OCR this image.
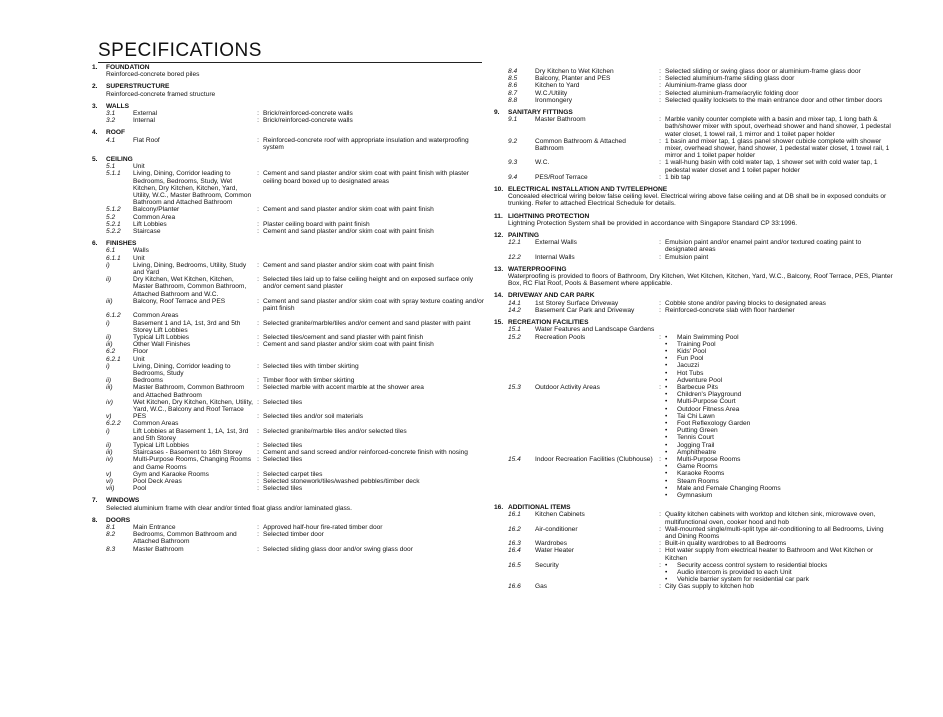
SPECIFICATIONS
1.	FOUNDATION
Reinforced-concrete bored piles
2.	SUPERSTRUCTURE
Reinforced-concrete framed structure
3.	WALLS
3.1	External	: Brick/reinforced-concrete walls
3.2	Internal	: Brick/reinforced-concrete walls
4.	ROOF
4.1	Flat Roof	: Reinforced-concrete roof with appropriate insulation and waterproofing system
5.	CEILING
5.1	Unit
5.1.1	Living, Dining, Corridor leading to Bedrooms, Bedrooms, Study, Wet Kitchen, Dry Kitchen, Kitchen, Yard, Utility, W.C., Master Bathroom, Common Bathroom and Attached Bathroom
: Cement and sand plaster and/or skim coat with paint finish with plaster ceiling board boxed up to designated areas
5.1.2	Balcony/Planter	: Cement and sand plaster and/or skim coat with paint finish
5.2	Common Area
5.2.1	Lift Lobbies	: Plaster ceiling board with paint finish
5.2.2	Staircase	: Cement and sand plaster and/or skim coat with paint finish
6.	FINISHES
6.1	Walls
6.1.1	Unit
i)	Living, Dining, Bedrooms, Utility, Study and Yard
: Cement and sand plaster and/or skim coat with paint finish
ii)	Dry Kitchen, Wet Kitchen, Kitchen, Master Bathroom, Common Bathroom, Attached Bathroom and W.C.
: Selected tiles laid up to false ceiling height and on exposed surface only and/or cement sand plaster
iii)	Balcony, Roof Terrace and PES	: Cement and sand plaster and/or skim coat with spray texture coating and/or paint finish
6.1.2	Common Areas
i)	Basement 1 and 1A, 1st, 3rd and 5th Storey Lift Lobbies
: Selected granite/marble/tiles and/or cement and sand plaster with paint
ii)	Typical Lift Lobbies	: Selected tiles/cement and sand plaster with paint finish
iii)	Other Wall Finishes	: Cement and sand plaster and/or skim coat with paint finish
6.2	Floor
6.2.1	Unit
i)	Living, Dining, Corridor leading to Bedrooms, Study
: Selected tiles with timber skirting
ii)	Bedrooms	: Timber floor with timber skirting
iii)	Master Bathroom, Common Bathroom and Attached Bathroom
: Selected marble with accent marble at the shower area
iv)	Wet Kitchen, Dry Kitchen, Kitchen, Utility, Yard, W.C., Balcony and Roof Terrace
: Selected tiles
v)	PES	: Selected tiles and/or soil materials
6.2.2	Common Areas
i)	Lift Lobbies at Basement 1, 1A, 1st, 3rd and 5th Storey
: Selected granite/marble tiles and/or selected tiles
ii)	Typical Lift Lobbies	: Selected tiles
iii)	Staircases - Basement to 16th Storey	: Cement and sand screed and/or reinforced-concrete finish with nosing
iv)	Multi-Purpose Rooms, Changing Rooms and Game Rooms
: Selected tiles
v)	Gym and Karaoke Rooms	: Selected carpet tiles
vi)	Pool Deck Areas	: Selected stonework/tiles/washed pebbles/timber deck
vii)	Pool	: Selected tiles
7.	WINDOWS
Selected aluminium frame with clear and/or tinted float glass and/or laminated glass.
8.	DOORS
8.1	Main Entrance	: Approved half-hour fire-rated timber door
8.2	Bedrooms, Common Bathroom and Attached Bathroom
: Selected timber door
8.3	Master Bathroom	: Selected sliding glass door and/or swing glass door
8.4	Dry Kitchen to Wet Kitchen	: Selected sliding or swing glass door or aluminium-frame glass door
8.5	Balcony, Planter and PES	: Selected aluminium-frame sliding glass door
8.6	Kitchen to Yard	: Aluminium-frame glass door
8.7	W.C./Utility	: Selected aluminium-frame/acrylic folding door
8.8	Ironmongery	: Selected quality locksets to the main entrance door and other timber doors
9.	SANITARY FITTINGS
9.1	Master Bathroom	: Marble vanity counter complete with a basin and mixer tap, 1 long bath & bath/shower mixer with spout, overhead shower and hand shower, 1 pedestal water closet, 1 towel rail, 1 mirror and 1 toilet paper holder
9.2	Common Bathroom & Attached Bathroom
: 1 basin and mixer tap, 1 glass panel shower cubicle complete with shower mixer, overhead shower, hand shower, 1 pedestal water closet, 1 towel rail, 1 mirror and 1 toilet paper holder
9.3	W.C.	: 1 wall-hung basin with cold water tap, 1 shower set with cold water tap, 1 pedestal water closet and 1 toilet paper holder
9.4	PES/Roof Terrace	: 1 bib tap
10. ELECTRICAL INSTALLATION AND TV/TELEPHONE
Concealed electrical wiring below false ceiling level. Electrical wiring above false ceiling and at DB shall be in exposed conduits or trunking. Refer to attached Electrical Schedule for details.
11. LIGHTNING PROTECTION
Lightning Protection System shall be provided in accordance with Singapore Standard CP 33:1996.
12. PAINTING
12.1	External Walls	: Emulsion paint and/or enamel paint and/or textured coating paint to designated areas
12.2	Internal Walls	: Emulsion paint
13. WATERPROOFING
Waterproofing is provided to floors of Bathroom, Dry Kitchen, Wet Kitchen, Kitchen, Yard, W.C., Balcony, Roof Terrace, PES, Planter Box, RC Flat Roof, Pools & Basement where applicable.
14. DRIVEWAY AND CAR PARK
14.1	1st Storey Surface Driveway	: Cobble stone and/or paving blocks to designated areas
14.2	Basement Car Park and Driveway	: Reinforced-concrete slab with floor hardener
15. RECREATION FACILITIES
15.1	Water Features and Landscape Gardens
15.2	Recreation Pools	:	• Main Swimming Pool
• Training Pool
• Kids' Pool
• Fun Pool
• Jacuzzi
• Hot Tubs
• Adventure Pool
15.3	Outdoor Activity Areas	:	• Barbecue Pits
• Children's Playground
• Multi-Purpose Court
• Outdoor Fitness Area
• Tai Chi Lawn
• Foot Reflexology Garden
• Putting Green
• Tennis Court
• Jogging Trail
• Amphitheatre
15.4	Indoor Recreation Facilities (Clubhouse) :	• Multi-Purpose Rooms
• Game Rooms
• Karaoke Rooms
• Steam Rooms
• Male and Female Changing Rooms
• Gymnasium
16. ADDITIONAL ITEMS
16.1	Kitchen Cabinets	: Quality kitchen cabinets with worktop and kitchen sink, microwave oven, multifunctional oven, cooker hood and hob
16.2	Air-conditioner	: Wall-mounted single/multi-split type air-conditioning to all Bedrooms, Living and Dining Rooms
16.3	Wardrobes	: Built-in quality wardrobes to all Bedrooms
16.4	Water Heater	: Hot water supply from electrical heater to Bathroom and Wet Kitchen or Kitchen
16.5	Security	:	• Security access control system to residential blocks
• Audio intercom is provided to each Unit
• Vehicle barrier system for residential car park
16.6	Gas	: City Gas supply to kitchen hob
